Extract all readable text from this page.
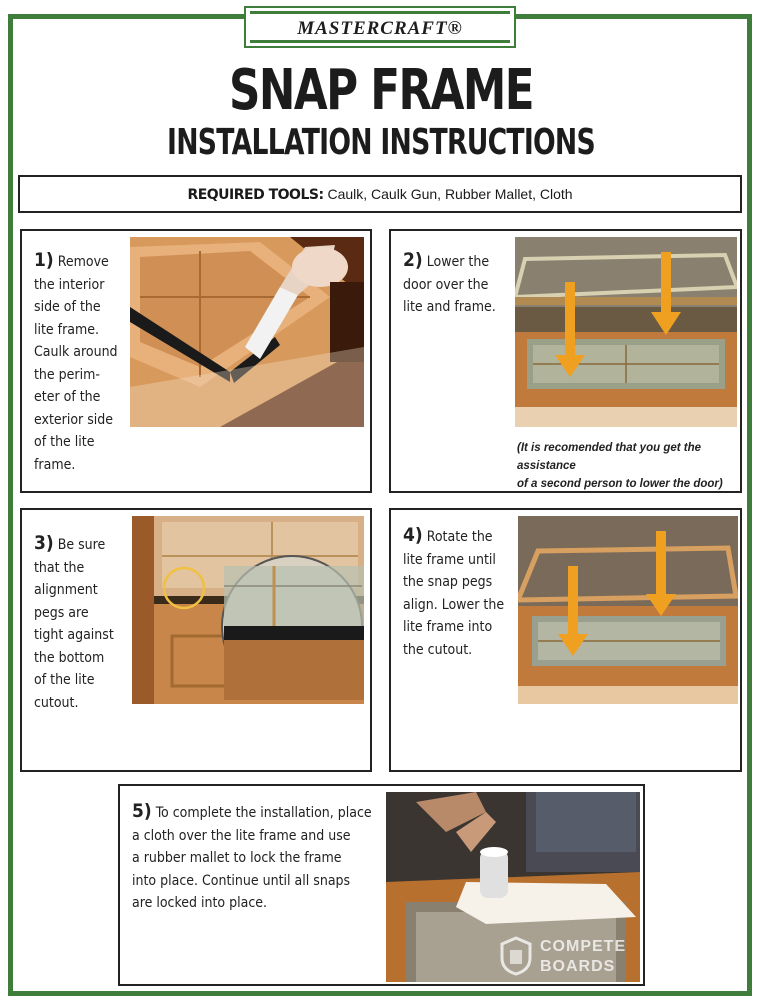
MASTERCRAFT®
SNAP FRAME
INSTALLATION INSTRUCTIONS
REQUIRED TOOLS: Caulk, Caulk Gun, Rubber Mallet, Cloth
1) Remove
the interior
side of the
lite frame.
Caulk around
the perim-
eter of the
exterior side
of the lite
frame.
2) Lower the
door over the
lite and frame.
(It is recomended that you get the assistance
of a second person to lower the door)
3) Be sure
that the
alignment
pegs are
tight against
the bottom
of the lite
cutout.
4) Rotate the
lite frame until
the snap pegs
align. Lower the
lite frame into
the cutout.
5) To complete the installation, place
a cloth over the lite frame and use
a rubber mallet to lock the frame
into place. Continue until all snaps
are locked into place.
COMPETE
BOARDS
